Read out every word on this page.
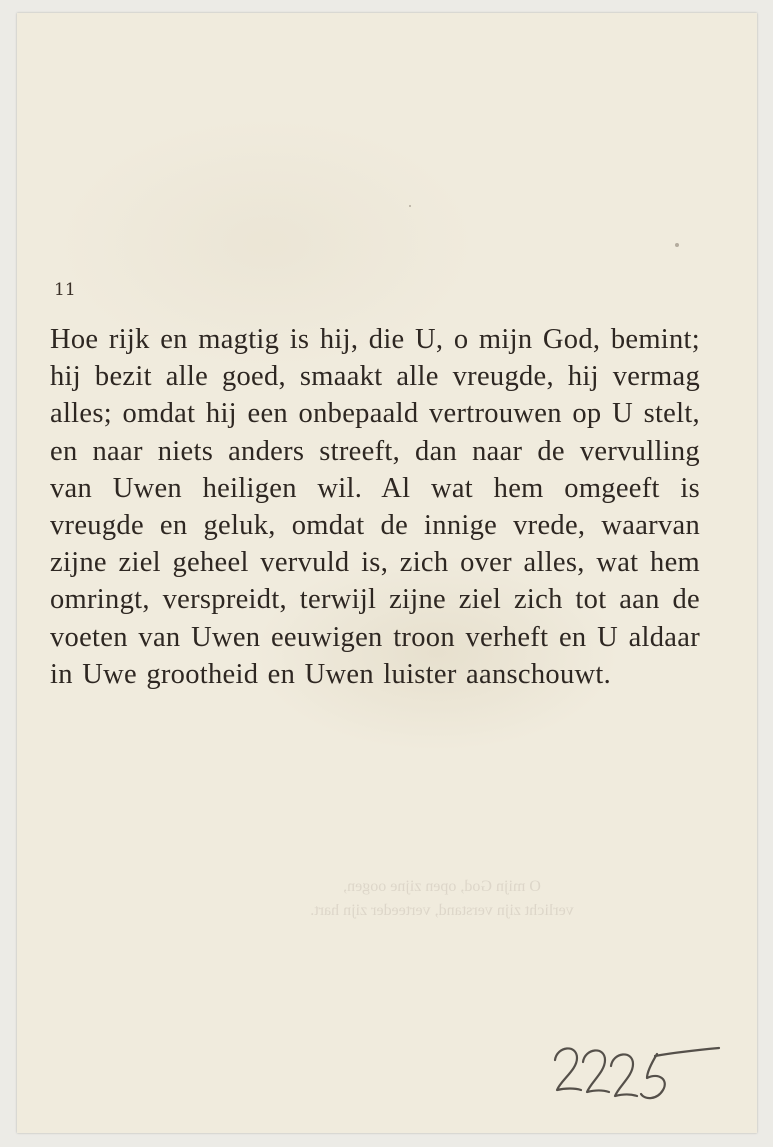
11

Hoe rijk en magtig is hij, die U, o mijn God, bemint; hij bezit alle goed, smaakt alle vreugde, hij vermag alles; omdat hij een onbepaald vertrouwen op U stelt, en naar niets anders streeft, dan naar de vervulling van Uwen heiligen wil. Al wat hem omgeeft is vreugde en geluk, omdat de innige vrede, waarvan zijne ziel geheel vervuld is, zich over alles, wat hem omringt, verspreidt, terwijl zijne ziel zich tot aan de voeten van Uwen eeuwigen troon verheft en U aldaar in Uwe grootheid en Uwen luister aanschouwt.

O mijn God, open zijne oogen,
verlicht zijn verstand, verteeder zijn hart.
